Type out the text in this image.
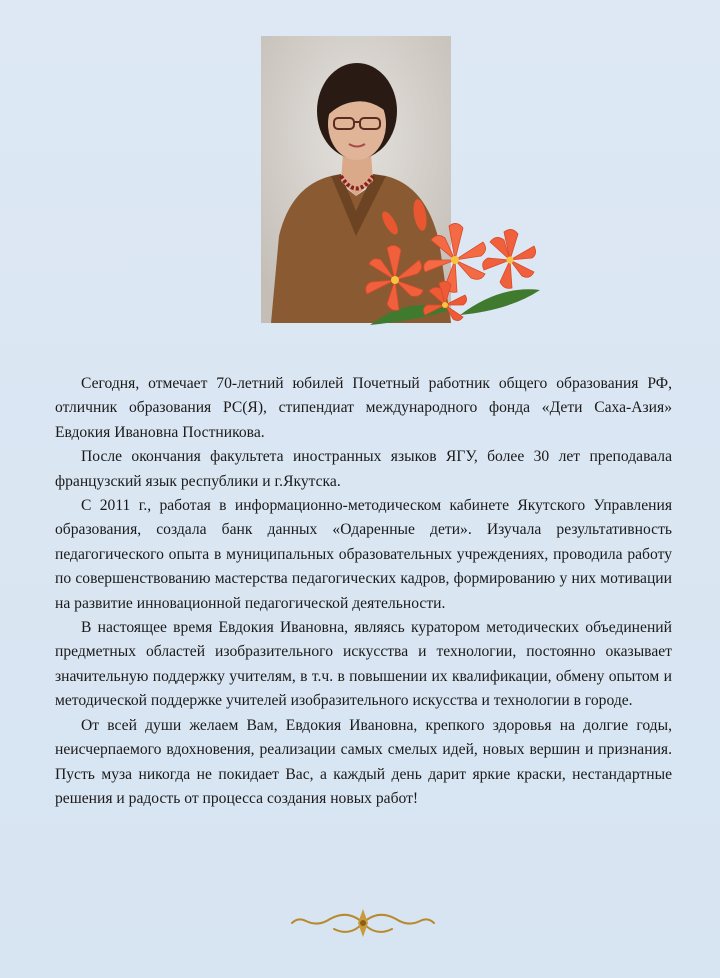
Сегодня, отмечает 70-летний юбилей Почетный работник общего образования РФ, отличник образования РС(Я), стипендиат международного фонда «Дети Саха-Азия» Евдокия Ивановна Постникова.

После окончания факультета иностранных языков ЯГУ, более 30 лет преподавала французский язык республики и г.Якутска.

С 2011 г., работая в информационно-методическом кабинете Якутского Управления образования, создала банк данных «Одаренные дети». Изучала результативность педагогического опыта в муниципальных образовательных учреждениях, проводила работу по совершенствованию мастерства педагогических кадров, формированию у них мотивации на развитие инновационной педагогической деятельности.

В настоящее время Евдокия Ивановна, являясь куратором методических объединений предметных областей изобразительного искусства и технологии, постоянно оказывает значительную поддержку учителям, в т.ч. в повышении их квалификации, обмену опытом и методической поддержке учителей изобразительного искусства и технологии в городе.

От всей души желаем Вам, Евдокия Ивановна, крепкого здоровья на долгие годы, неисчерпаемого вдохновения, реализации самых смелых идей, новых вершин и признания. Пусть муза никогда не покидает Вас, а каждый день дарит яркие краски, нестандартные решения и радость от процесса создания новых работ!
